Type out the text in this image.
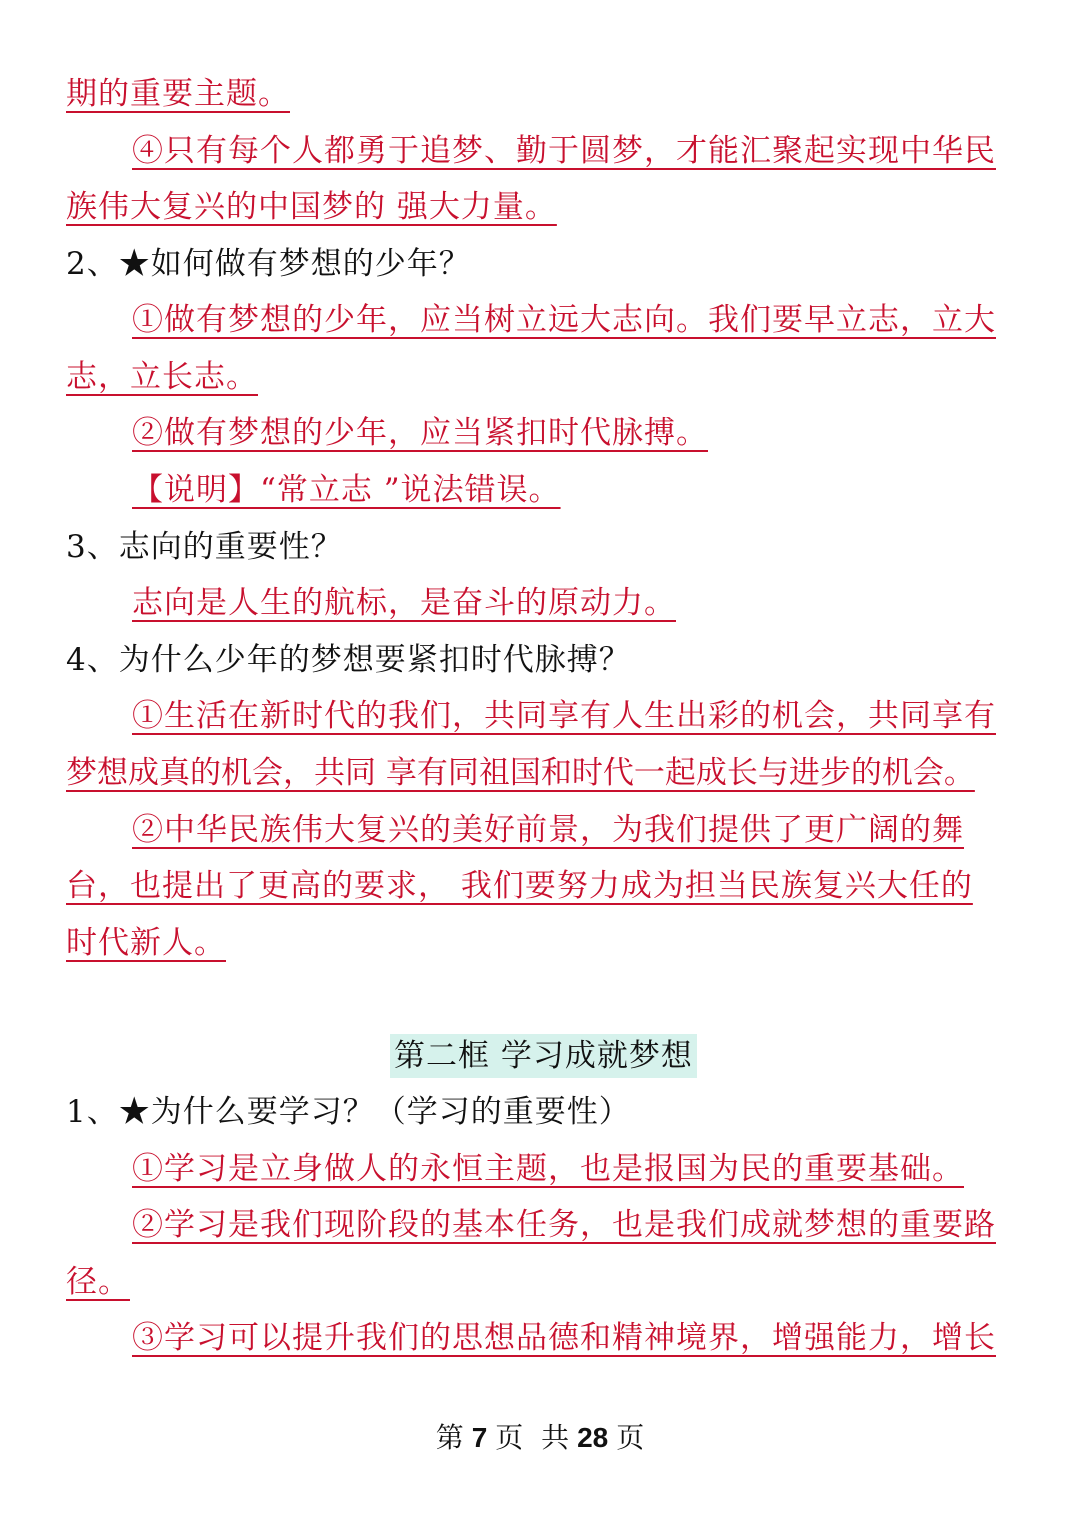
期的重要主题。
④只有每个人都勇于追梦、勤于圆梦，才能汇聚起实现中华民
族伟大复兴的中国梦的 强大力量。
2、★如何做有梦想的少年？
①做有梦想的少年，应当树立远大志向。我们要早立志，立大
志，立长志。
②做有梦想的少年，应当紧扣时代脉搏。
【说明】“常立志 ”说法错误。
3、志向的重要性？
志向是人生的航标，是奋斗的原动力。
4、为什么少年的梦想要紧扣时代脉搏？
①生活在新时代的我们，共同享有人生出彩的机会，共同享有
梦想成真的机会，共同 享有同祖国和时代一起成长与进步的机会。
②中华民族伟大复兴的美好前景，为我们提供了更广阔的舞
台，也提出了更高的要求， 我们要努力成为担当民族复兴大任的
时代新人。
第二框 学习成就梦想
1、★为什么要学习？（学习的重要性）
①学习是立身做人的永恒主题，也是报国为民的重要基础。
②学习是我们现阶段的基本任务，也是我们成就梦想的重要路
径。
③学习可以提升我们的思想品德和精神境界，增强能力，增长
第 7 页  共 28 页
